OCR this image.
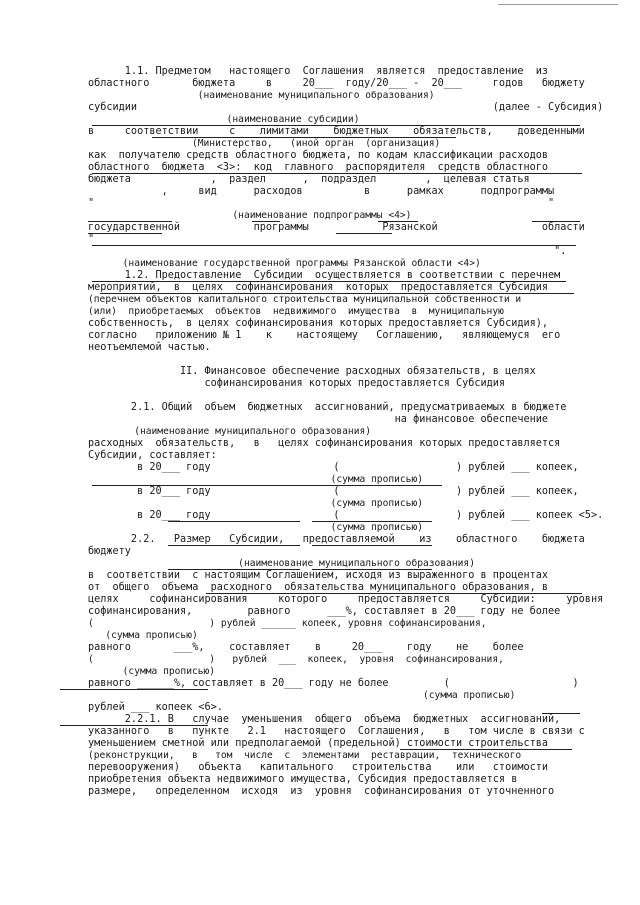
1.1. Предметом   настоящего  Соглашения  является  предоставление  из
областного       бюджета     в     20___  году/20___ -  20___     годов   бюджету
(наименование муниципального образования)
субсидии                                                          (далее - Субсидия)
(наименование субсидии)
в     соответствии     с    лимитами    бюджетных    обязательств,    доведенными
(Министерство,   (иной орган  (организация)
как  получателю средств областного бюджета, по кодам классификации расходов
областного  бюджета  <3>:  код  главного  распорядителя  средств областного
бюджета             ,  раздел      ,  подраздел        ,  целевая статья
,     вид      расходов          в      рамках      подпрограммы
"                                                                          "
(наименование подпрограммы <4>)
государственной            программы            Рязанской                 области
"
".
(наименование государственной программы Рязанской области <4>)
1.2. Предоставление  Субсидии  осуществляется в соответствии с перечнем
мероприятий,  в  целях  софинансирования  которых  предоставляется Субсидия
(перечнем объектов капитального строительства муниципальной собственности и
(или)  приобретаемых  объектов  недвижимого  имущества  в  муниципальную
собственность,  в целях софинансирования которых предоставляется Субсидия),
согласно   приложению № 1    к    настоящему   Соглашению,   являющемуся  его
неотъемлемой частью.
II. Финансовое обеспечение расходных обязательств, в целях
софинансирования которых предоставляется Субсидия
2.1. Общий  объем  бюджетных  ассигнований, предусматриваемых в бюджете
на финансовое обеспечение
(наименование муниципального образования)
расходных  обязательств,   в   целях софинансирования которых предоставляется
Субсидии, составляет:
в 20___ году                    (                   ) рублей ___ копеек,
(сумма прописью)
в 20___ году                    (                   ) рублей ___ копеек,
(сумма прописью)
в 20___ году                    (                   ) рублей ___ копеек <5>.
(сумма прописью)
2.2.   Размер   Субсидии,   предоставляемой    из    областного    бюджета
бюджету
(наименование муниципального образования)
в  соответствии  с настоящим Соглашением, исходя из выраженного в процентах
от  общего  объема  расходного  обязательства муниципального образования, в
целях     софинансирования     которого     предоставляется     Субсидии:     уровня
софинансирования,         равного      ___%, составляет в 20___ году не более
(                    ) рублей ______ копеек, уровня софинансирования,
(сумма прописью)
равного       ___%,    составляет    в     20___    году    не    более
(                    )   рублей  ___  копеек,  уровня  софинансирования,
(сумма прописью)
равного ______%, составляет в 20___ году не более         (                    )
(сумма прописью)
рублей ___ копеек <6>.
2.2.1. В   случае  уменьшения  общего  объема  бюджетных  ассигнований,
указанного   в   пункте   2.1   настоящего  Соглашения,   в   том числе в связи с
уменьшением сметной или предполагаемой (предельной) стоимости строительства
(реконструкции,   в   том  числе  с  элементами  реставрации,  технического
перевооружения)   объекта   капитального   строительства    или   стоимости
приобретения объекта недвижимого имущества, Субсидия предоставляется в
размере,   определенном  исходя  из  уровня  софинансирования от уточненного
